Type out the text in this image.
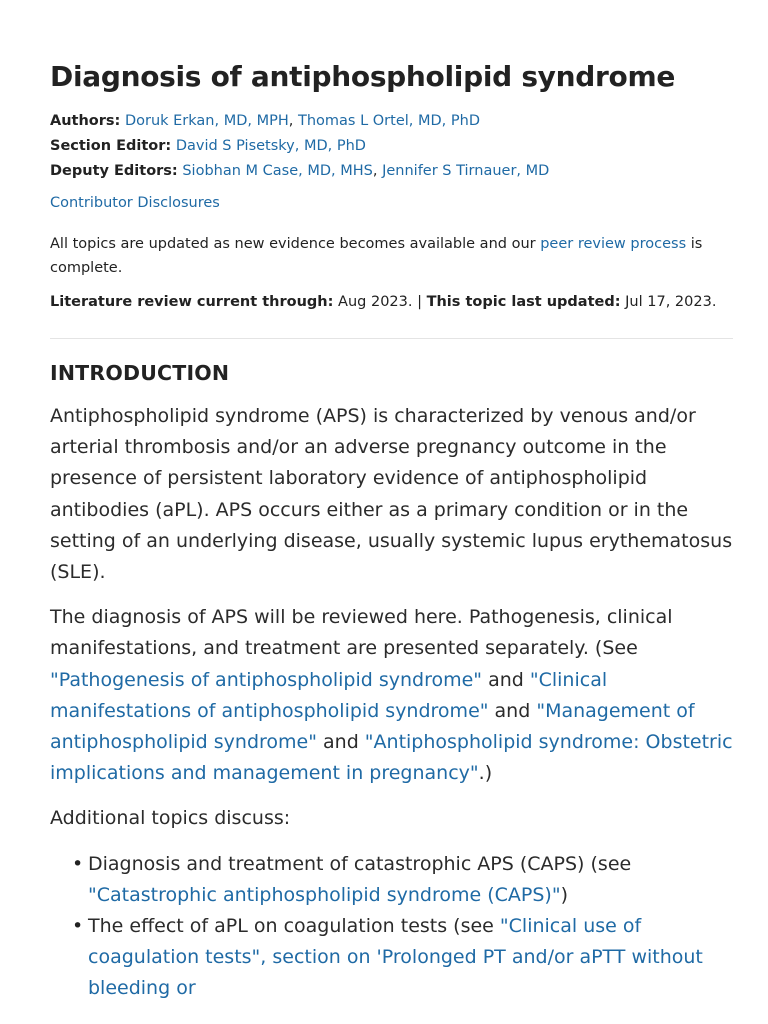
Diagnosis of antiphospholipid syndrome
Authors: Doruk Erkan, MD, MPH, Thomas L Ortel, MD, PhD
Section Editor: David S Pisetsky, MD, PhD
Deputy Editors: Siobhan M Case, MD, MHS, Jennifer S Tirnauer, MD
Contributor Disclosures
All topics are updated as new evidence becomes available and our peer review process is complete.
Literature review current through: Aug 2023. | This topic last updated: Jul 17, 2023.
INTRODUCTION

Antiphospholipid syndrome (APS) is characterized by venous and/or arterial thrombosis and/or an adverse pregnancy outcome in the presence of persistent laboratory evidence of antiphospholipid antibodies (aPL). APS occurs either as a primary condition or in the setting of an underlying disease, usually systemic lupus erythematosus (SLE).

The diagnosis of APS will be reviewed here. Pathogenesis, clinical manifestations, and treatment are presented separately. (See "Pathogenesis of antiphospholipid syndrome" and "Clinical manifestations of antiphospholipid syndrome" and "Management of antiphospholipid syndrome" and "Antiphospholipid syndrome: Obstetric implications and management in pregnancy".)

Additional topics discuss:

• Diagnosis and treatment of catastrophic APS (CAPS) (see "Catastrophic antiphospholipid syndrome (CAPS)")
• The effect of aPL on coagulation tests (see "Clinical use of coagulation tests", section on 'Prolonged PT and/or aPTT without bleeding or
